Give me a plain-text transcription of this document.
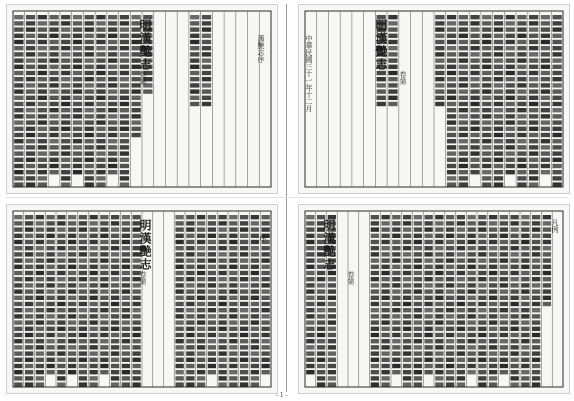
明漢艷志
卷第
漢艷志序	明漢艷志
卷第
中華民國三十一年十二月
明漢艷志
卷第
序	明漢艷志
卷第
凡例
- 1 -
